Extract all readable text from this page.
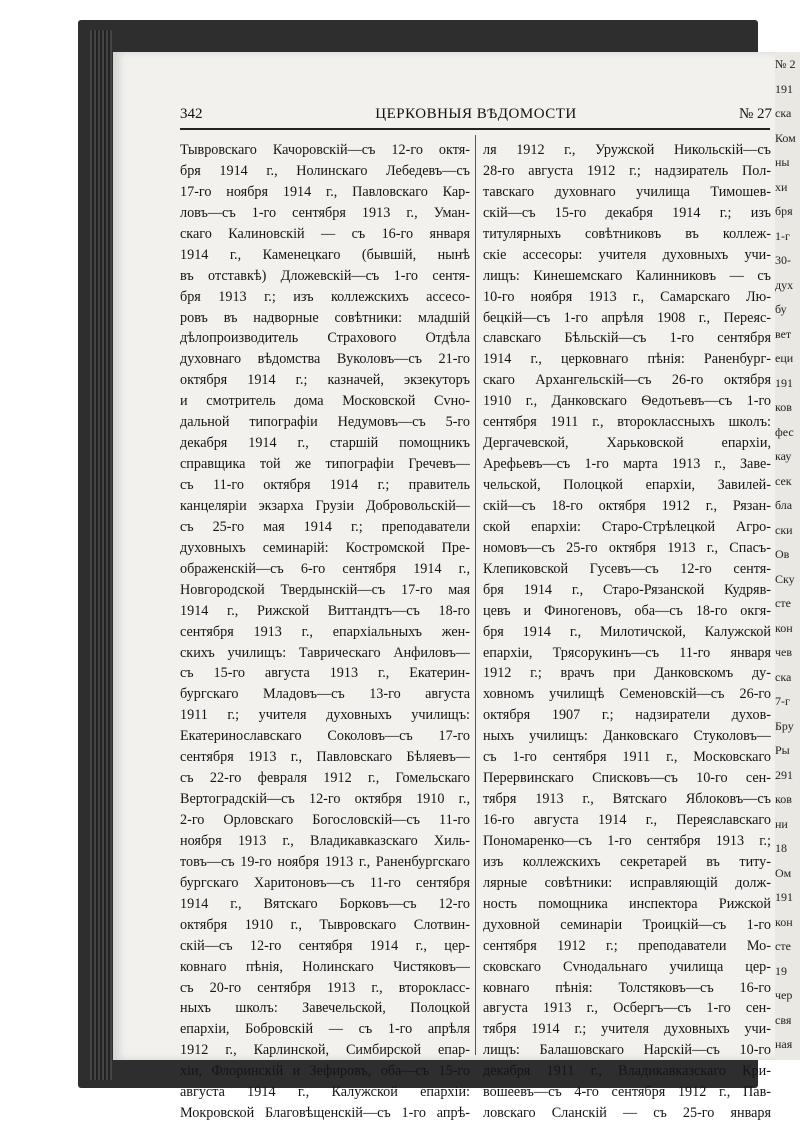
№ 2
191
ска
Ком
ны
хи
бря
1-г
30-
дух
бу
вет
еци
191
ков
фес
кау
сек
бла
ски
Ов
Ску
сте
кон
чев
ска
7-г
Бру
Ры
291
ков
ни
18
Ом
191
кон
сте
19
чер
свя
ная
342	ЦЕРКОВНЫЯ ВѢДОМОСТИ	№ 27
Тывровскаго Качоровскій—съ 12-го октя-
бря 1914 г., Нолинскаго Лебедевъ—съ
17-го ноября 1914 г., Павловскаго Кар-
ловъ—съ 1-го сентября 1913 г., Уман-
скаго Калиновскій — съ 16-го января
1914 г., Каменецкаго (бывшій, нынѣ
въ отставкѣ) Дложевскій—съ 1-го сентя-
бря 1913 г.; изъ коллежскихъ ассесо-
ровъ въ надворные совѣтники: младшій
дѣлопроизводитель Страхового Отдѣла
духовнаго вѣдомства Вуколовъ—съ 21-го
октября 1914 г.; казначей, экзекуторъ
и смотритель дома Московской Сvно-
дальной типографіи Недумовъ—съ 5-го
декабря 1914 г., старшій помощникъ
справщика той же типографіи Гречевъ—
съ 11-го октября 1914 г.; правитель
канцеляріи экзарха Грузіи Добровольскій—
съ 25-го мая 1914 г.; преподаватели
духовныхъ семинарій: Костромской Пре-
ображенскій—съ 6-го сентября 1914 г.,
Новгородской Твердынскій—съ 17-го мая
1914 г., Рижской Виттандтъ—съ 18-го
сентября 1913 г., епархіальныхъ жен-
скихъ училищъ: Таврическаго Анфиловъ—
съ 15-го августа 1913 г., Екатерин-
бургскаго Младовъ—съ 13-го августа
1911 г.; учителя духовныхъ училищъ:
Екатеринославскаго Соколовъ—съ 17-го
сентября 1913 г., Павловскаго Бѣляевъ—
съ 22-го февраля 1912 г., Гомельскаго
Вертоградскій—съ 12-го октября 1910 г.,
2-го Орловскаго Богословскій—съ 11-го
ноября 1913 г., Владикавказскаго Хиль-
товъ—съ 19-го ноября 1913 г., Раненбургскаго
бургскаго Харитоновъ—съ 11-го сентября
1914 г., Вятскаго Борковъ—съ 12-го
октября 1910 г., Тывровскаго Слотвин-
скій—съ 12-го сентября 1914 г., цер-
ковнаго пѣнія, Нолинскаго Чистяковъ—
съ 20-го сентября 1913 г., второкласс-
ныхъ школъ: Завечельской, Полоцкой
епархіи, Бобровскій — съ 1-го апрѣля
1912 г., Карлинской, Симбирской епар-
хіи, Флоринскій и Зефировъ, оба—съ 15-го
августа 1914 г., Калужской епархіи:
Мокровской Благовѣщенскій—съ 1-го апрѣ-
ля 1912 г., Уружской Никольскій—съ
28-го августа 1912 г.; надзиратель Пол-
тавскаго духовнаго училища Тимошев-
скій—съ 15-го декабря 1914 г.; изъ
титулярныхъ совѣтниковъ въ коллеж-
скіе ассесоры: учителя духовныхъ учи-
лищъ: Кинешемскаго Калинниковъ — съ
10-го ноября 1913 г., Самарскаго Лю-
бецкій—съ 1-го апрѣля 1908 г., Переяс-
славскаго Бѣльскій—съ 1-го сентября
1914 г., церковнаго пѣнія: Раненбург-
скаго Архангельскій—съ 26-го октября
1910 г., Данковскаго Ѳедотьевъ—съ 1-го
сентября 1911 г., второклассныхъ школъ:
Дергачевской, Харьковской епархіи,
Арефьевъ—съ 1-го марта 1913 г., Заве-
чельской, Полоцкой епархіи, Завилей-
скій—съ 18-го октября 1912 г., Рязан-
ской епархіи: Старо-Стрѣлецкой Агро-
номовъ—съ 25-го октября 1913 г., Спасъ-
Клепиковской Гусевъ—съ 12-го сентя-
бря 1914 г., Старо-Рязанской Кудряв-
цевъ и Финогеновъ, оба—съ 18-го окгя-
бря 1914 г., Милотичской, Калужской
епархіи, Трясорукинъ—съ 11-го января
1912 г.; врачъ при Данковскомъ ду-
ховномъ училищѣ Семеновскій—съ 26-го
октября 1907 г.; надзиратели духов-
ныхъ училищъ: Данковскаго Стуколовъ—
съ 1-го сентября 1911 г., Московскаго
Перервинскаго Списковъ—съ 10-го сен-
тября 1913 г., Вятскаго Яблоковъ—съ
16-го августа 1914 г., Переяславскаго
Пономаренко—съ 1-го сентября 1913 г.;
изъ коллежскихъ секретарей въ титу-
лярные совѣтники: исправляющій долж-
ность помощника инспектора Рижской
духовной семинаріи Троицкій—съ 1-го
сентября 1912 г.; преподаватели Мо-
сковскаго Сvнодальнаго училища цер-
ковнаго пѣнія: Толстяковъ—съ 16-го
августа 1913 г., Осбергъ—съ 1-го сен-
тября 1914 г.; учителя духовныхъ учи-
лищъ: Балашовскаго Нарскій—съ 10-го
декабря 1911 г., Владикавказскаго Кри-
вошеевъ—съ 4-го сентября 1912 г., Пав-
ловскаго Сланскій — съ 25-го января
